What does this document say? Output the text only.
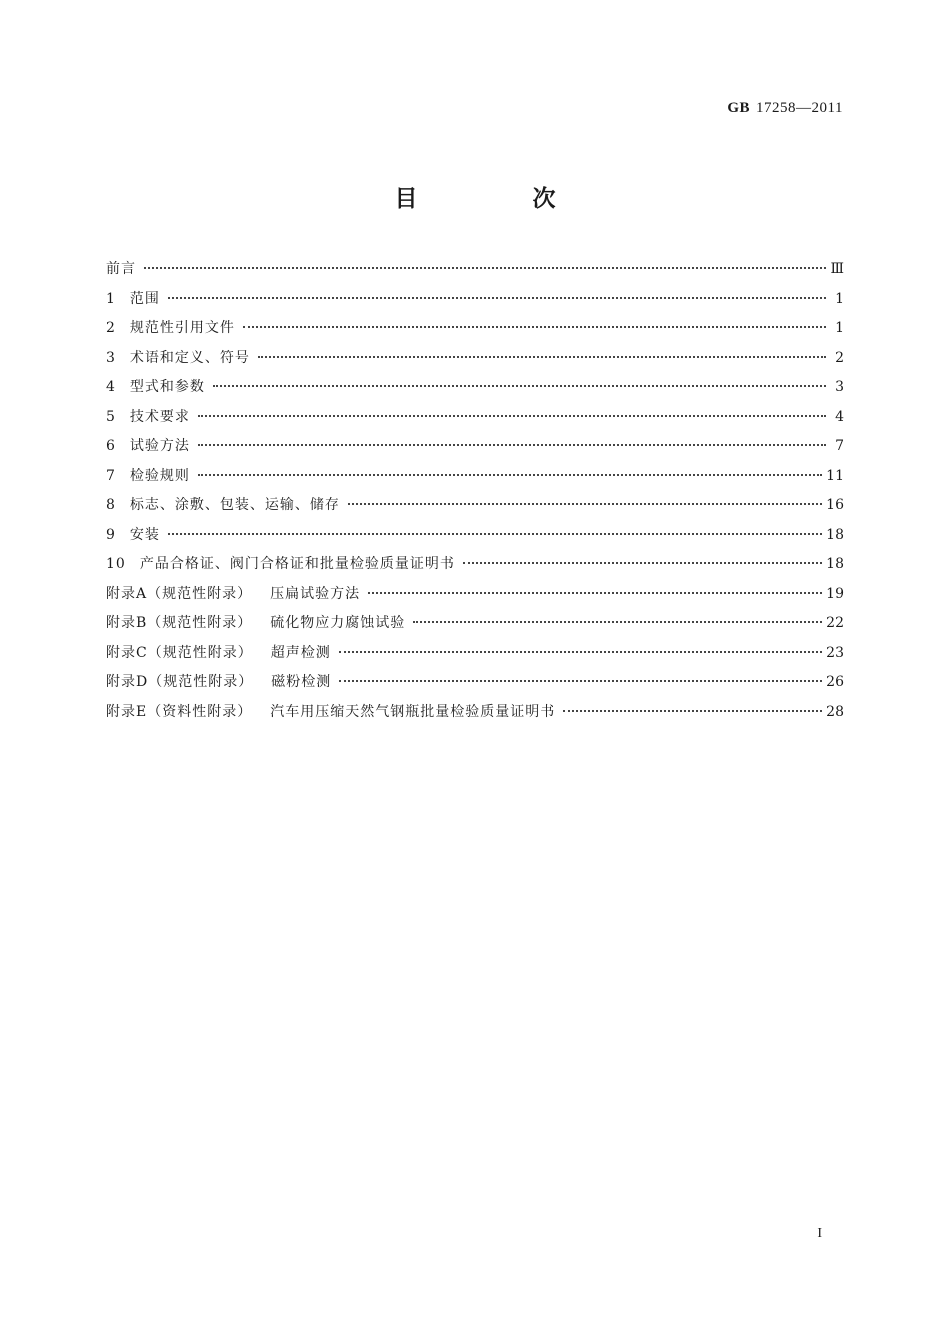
GB 17258—2011
目　次
前言	Ⅲ
1 范围	1
2 规范性引用文件	1
3 术语和定义、符号	2
4 型式和参数	3
5 技术要求	4
6 试验方法	7
7 检验规则	11
8 标志、涂敷、包装、运输、储存	16
9 安装	18
10 产品合格证、阀门合格证和批量检验质量证明书	18
附录A（规范性附录） 压扁试验方法	19
附录B（规范性附录） 硫化物应力腐蚀试验	22
附录C（规范性附录） 超声检测	23
附录D（规范性附录） 磁粉检测	26
附录E（资料性附录） 汽车用压缩天然气钢瓶批量检验质量证明书	28
I
